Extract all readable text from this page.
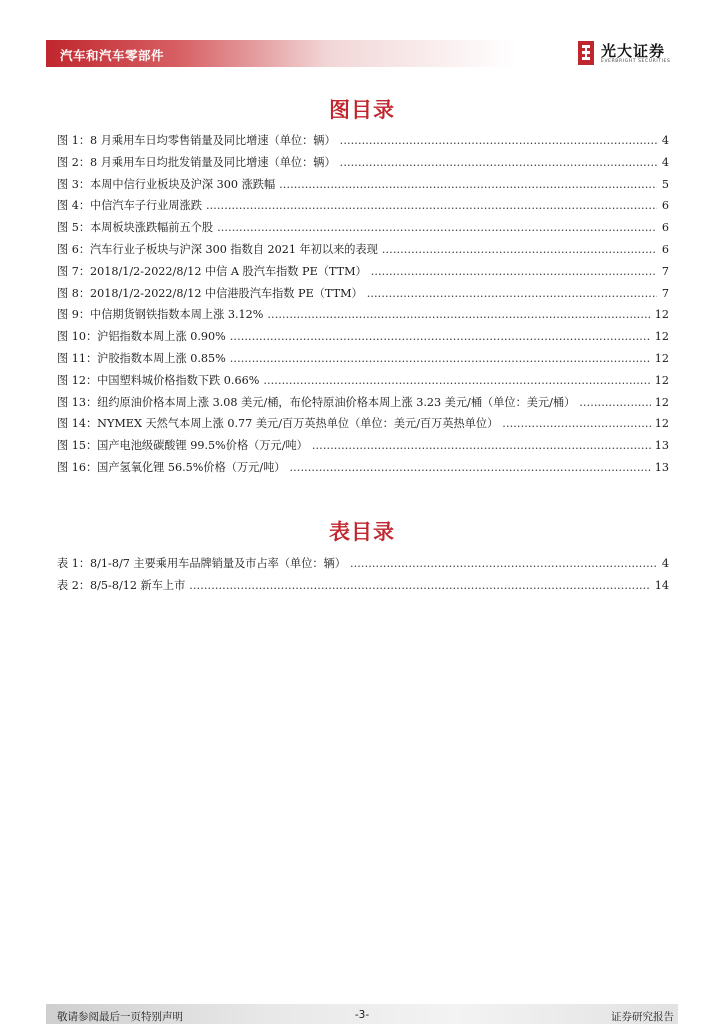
汽车和汽车零部件	光大证券
EVERBRIGHT SECURITIES
图目录
图 1：8 月乘用车日均零售销量及同比增速（单位：辆） .....	4
图 2：8 月乘用车日均批发销量及同比增速（单位：辆） .....	4
图 3：本周中信行业板块及沪深 300 涨跌幅 .....	5
图 4：中信汽车子行业周涨跌 .....	6
图 5：本周板块涨跌幅前五个股 .....	6
图 6：汽车行业子板块与沪深 300 指数自 2021 年初以来的表现 .....	6
图 7：2018/1/2-2022/8/12 中信 A 股汽车指数 PE（TTM） .....	7
图 8：2018/1/2-2022/8/12 中信港股汽车指数 PE（TTM） .....	7
图 9：中信期货钢铁指数本周上涨 3.12% .....	12
图 10：沪铝指数本周上涨 0.90% .....	12
图 11：沪胶指数本周上涨 0.85% .....	12
图 12：中国塑料城价格指数下跌 0.66% .....	12
图 13：纽约原油价格本周上涨 3.08 美元/桶，布伦特原油价格本周上涨 3.23 美元/桶（单位：美元/桶） .....	12
图 14：NYMEX 天然气本周上涨 0.77 美元/百万英热单位（单位：美元/百万英热单位） .....	12
图 15：国产电池级碳酸锂 99.5%价格（万元/吨） .....	13
图 16：国产氢氧化锂 56.5%价格（万元/吨） .....	13
表目录
表 1：8/1-8/7 主要乘用车品牌销量及市占率（单位：辆） .....	4
表 2：8/5-8/12 新车上市 .....	14
敬请参阅最后一页特别声明	-3-	证券研究报告
